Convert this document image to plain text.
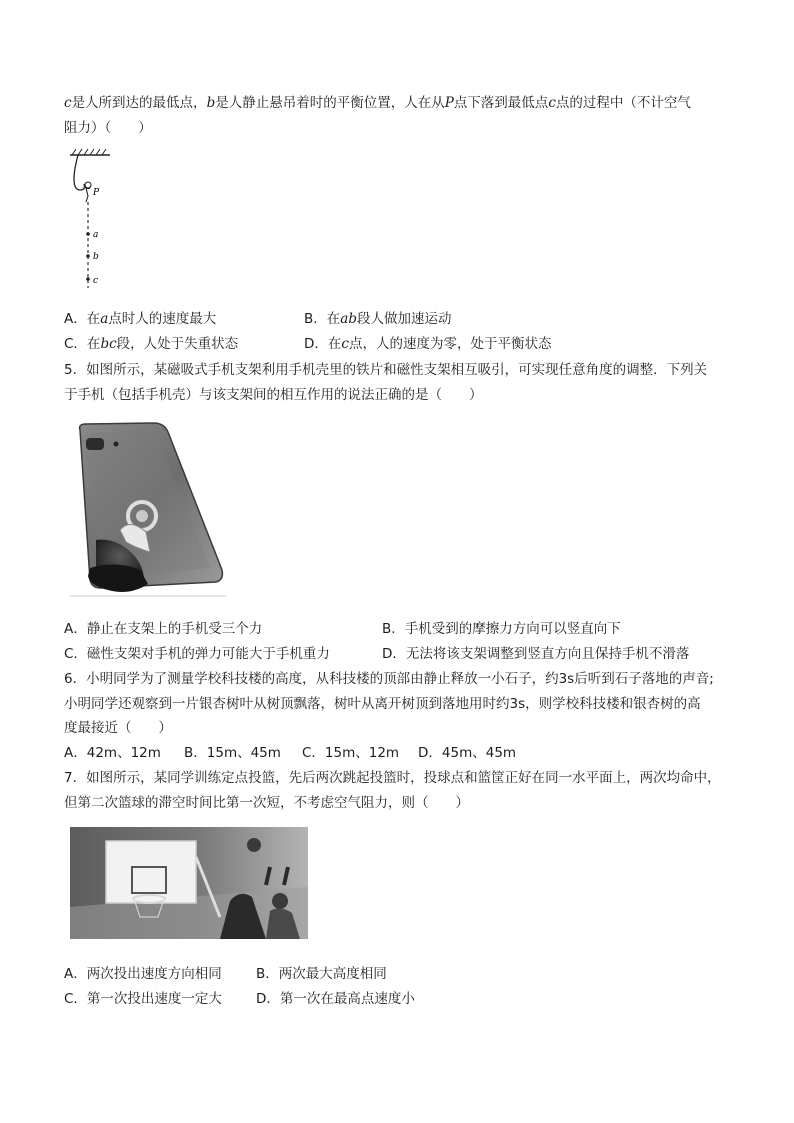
c是人所到达的最低点，b是人静止悬吊着时的平衡位置，人在从P点下落到最低点c点的过程中（不计空气
阻力）（　　）
P
a
b
c
A．在a点时人的速度最大	B．在ab段人做加速运动
C．在bc段，人处于失重状态	D．在c点，人的速度为零，处于平衡状态
5．如图所示，某磁吸式手机支架利用手机壳里的铁片和磁性支架相互吸引，可实现任意角度的调整．下列关
于手机（包括手机壳）与该支架间的相互作用的说法正确的是（　　）
A．静止在支架上的手机受三个力	B．手机受到的摩擦力方向可以竖直向下
C．磁性支架对手机的弹力可能大于手机重力	D．无法将该支架调整到竖直方向且保持手机不滑落
6．小明同学为了测量学校科技楼的高度，从科技楼的顶部由静止释放一小石子，约3s后听到石子落地的声音;
小明同学还观察到一片银杏树叶从树顶飘落，树叶从离开树顶到落地用时约3s，则学校科技楼和银杏树的高
度最接近（　　）
A．42m、12m B．15m、45m C．15m、12m D．45m、45m
7．如图所示，某同学训练定点投篮，先后两次跳起投篮时，投球点和篮筐正好在同一水平面上，两次均命中，
但第二次篮球的滞空时间比第一次短，不考虑空气阻力，则（　　）
A．两次投出速度方向相同	B．两次最大高度相同
C．第一次投出速度一定大	D．第一次在最高点速度小
